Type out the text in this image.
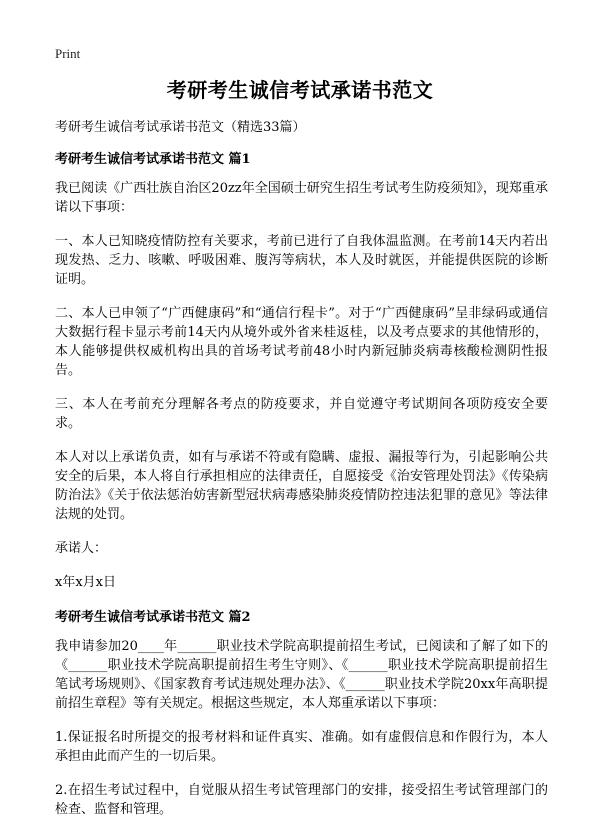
Print
考研考生诚信考试承诺书范文

考研考生诚信考试承诺书范文（精选33篇）

考研考生诚信考试承诺书范文 篇1

我已阅读《广西壮族自治区20zz年全国硕士研究生招生考试考生防疫须知》，现郑重承诺以下事项：

一、本人已知晓疫情防控有关要求，考前已进行了自我体温监测。在考前14天内若出现发热、乏力、咳嗽、呼吸困难、腹泻等病状，本人及时就医，并能提供医院的诊断证明。

二、本人已申领了“广西健康码”和“通信行程卡”。对于“广西健康码”呈非绿码或通信大数据行程卡显示考前14天内从境外或外省来桂返桂，以及考点要求的其他情形的，本人能够提供权威机构出具的首场考试考前48小时内新冠肺炎病毒核酸检测阴性报告。

三、本人在考前充分理解各考点的防疫要求，并自觉遵守考试期间各项防疫安全要求。

本人对以上承诺负责，如有与承诺不符或有隐瞒、虚报、漏报等行为，引起影响公共安全的后果，本人将自行承担相应的法律责任，自愿接受《治安管理处罚法》《传染病防治法》《关于依法惩治妨害新型冠状病毒感染肺炎疫情防控违法犯罪的意见》等法律法规的处罚。

承诺人：

x年x月x日

考研考生诚信考试承诺书范文 篇2

我申请参加20____年______职业技术学院高职提前招生考试，已阅读和了解了如下的《______职业技术学院高职提前招生考生守则》、《______职业技术学院高职提前招生笔试考场规则》、《国家教育考试违规处理办法》、《______职业技术学院20xx年高职提前招生章程》等有关规定。根据这些规定，本人郑重承诺以下事项：

1.保证报名时所提交的报考材料和证件真实、准确。如有虚假信息和作假行为，本人承担由此而产生的一切后果。

2.在招生考试过程中，自觉服从招生考试管理部门的安排，接受招生考试管理部门的检查、监督和管理。
